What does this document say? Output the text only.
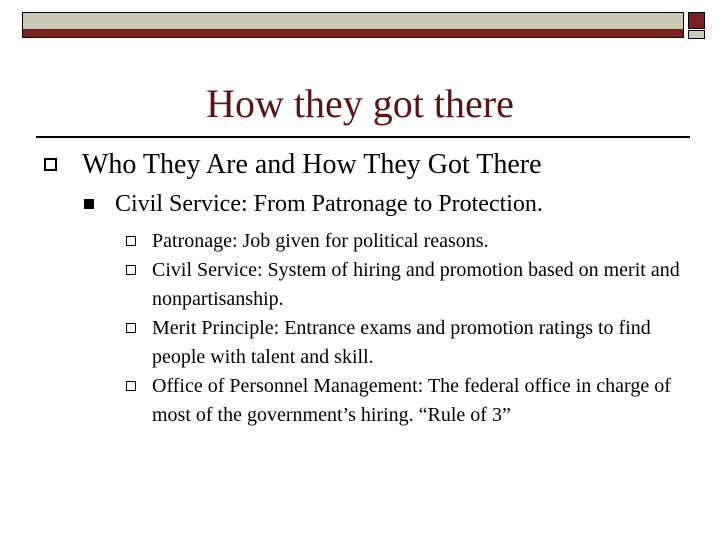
How they got there
Who They Are and How They Got There
Civil Service: From Patronage to Protection.
Patronage: Job given for political reasons.
Civil Service: System of hiring and promotion based on merit and nonpartisanship.
Merit Principle: Entrance exams and promotion ratings to find people with talent and skill.
Office of Personnel Management: The federal office in charge of most of the government’s hiring. “Rule of 3”
